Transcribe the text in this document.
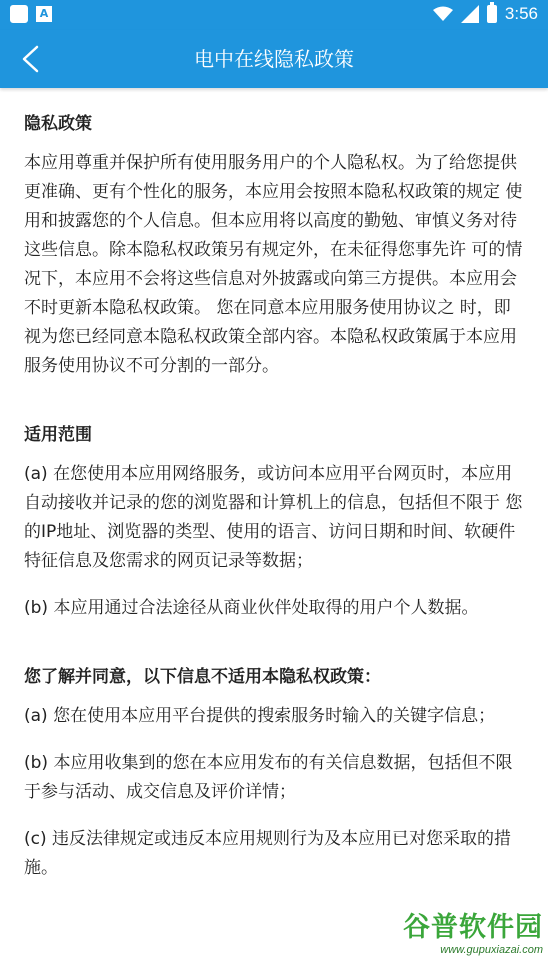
A	3:56
电中在线隐私政策
隐私政策
本应用尊重并保护所有使用服务用户的个人隐私权。为了给您提供更准确、更有个性化的服务，本应用会按照本隐私权政策的规定 使用和披露您的个人信息。但本应用将以高度的勤勉、审慎义务对待这些信息。除本隐私权政策另有规定外，在未征得您事先许 可的情况下，本应用不会将这些信息对外披露或向第三方提供。本应用会不时更新本隐私权政策。 您在同意本应用服务使用协议之 时，即视为您已经同意本隐私权政策全部内容。本隐私权政策属于本应用服务使用协议不可分割的一部分。
适用范围
(a) 在您使用本应用网络服务，或访问本应用平台网页时，本应用自动接收并记录的您的浏览器和计算机上的信息，包括但不限于 您的IP地址、浏览器的类型、使用的语言、访问日期和时间、软硬件特征信息及您需求的网页记录等数据；
(b) 本应用通过合法途径从商业伙伴处取得的用户个人数据。
您了解并同意，以下信息不适用本隐私权政策：
(a) 您在使用本应用平台提供的搜索服务时输入的关键字信息；
(b) 本应用收集到的您在本应用发布的有关信息数据，包括但不限于参与活动、成交信息及评价详情；
(c) 违反法律规定或违反本应用规则行为及本应用已对您采取的措施。
谷普软件园
www.gupuxiazai.com
